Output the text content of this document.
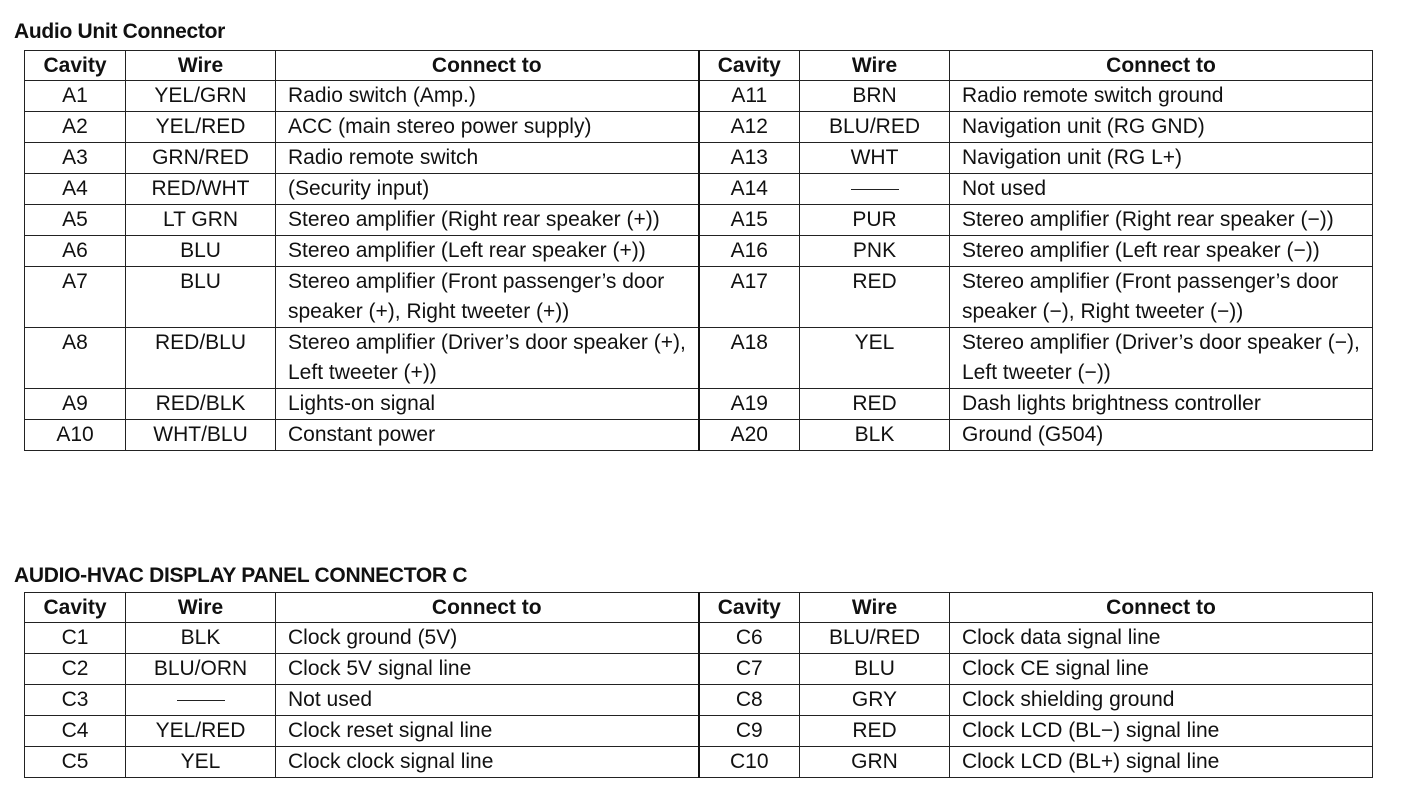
Audio Unit Connector
Cavity	Wire	Connect to	Cavity	Wire	Connect to
A1	YEL/GRN	Radio switch (Amp.)	A11	BRN	Radio remote switch ground
A2	YEL/RED	ACC (main stereo power supply)	A12	BLU/RED	Navigation unit (RG GND)
A3	GRN/RED	Radio remote switch	A13	WHT	Navigation unit (RG L+)
A4	RED/WHT	(Security input)	A14		Not used
A5	LT GRN	Stereo amplifier (Right rear speaker (+))	A15	PUR	Stereo amplifier (Right rear speaker (−))
A6	BLU	Stereo amplifier (Left rear speaker (+))	A16	PNK	Stereo amplifier (Left rear speaker (−))
A7	BLU	Stereo amplifier (Front passenger’s door speaker (+), Right tweeter (+))	A17	RED	Stereo amplifier (Front passenger’s door speaker (−), Right tweeter (−))
A8	RED/BLU	Stereo amplifier (Driver’s door speaker (+), Left tweeter (+))	A18	YEL	Stereo amplifier (Driver’s door speaker (−), Left tweeter (−))
A9	RED/BLK	Lights-on signal	A19	RED	Dash lights brightness controller
A10	WHT/BLU	Constant power	A20	BLK	Ground (G504)
AUDIO-HVAC DISPLAY PANEL CONNECTOR C
Cavity	Wire	Connect to	Cavity	Wire	Connect to
C1	BLK	Clock ground (5V)	C6	BLU/RED	Clock data signal line
C2	BLU/ORN	Clock 5V signal line	C7	BLU	Clock CE signal line
C3		Not used	C8	GRY	Clock shielding ground
C4	YEL/RED	Clock reset signal line	C9	RED	Clock LCD (BL−) signal line
C5	YEL	Clock clock signal line	C10	GRN	Clock LCD (BL+) signal line
